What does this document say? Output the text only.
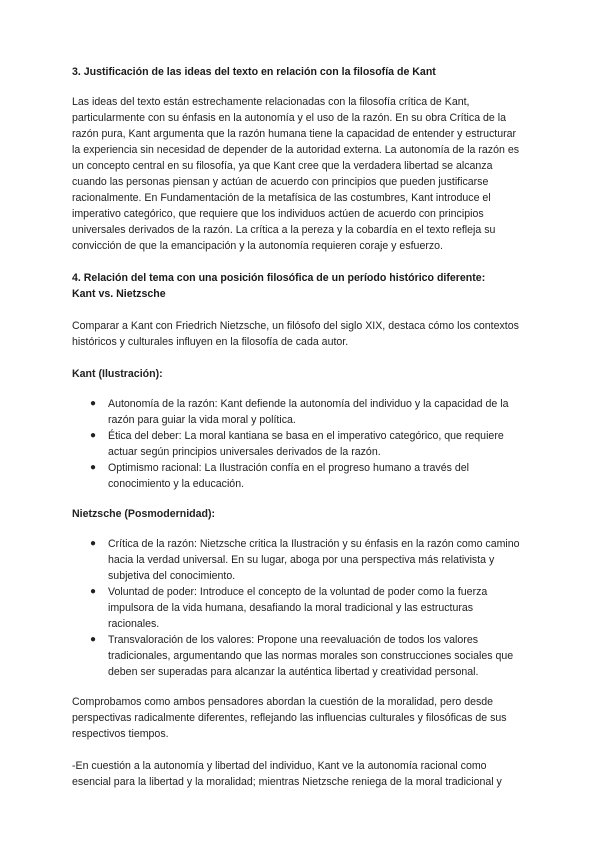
3. Justificación de las ideas del texto en relación con la filosofía de Kant

Las ideas del texto están estrechamente relacionadas con la filosofía crítica de Kant, particularmente con su énfasis en la autonomía y el uso de la razón. En su obra Crítica de la razón pura, Kant argumenta que la razón humana tiene la capacidad de entender y estructurar la experiencia sin necesidad de depender de la autoridad externa. La autonomía de la razón es un concepto central en su filosofía, ya que Kant cree que la verdadera libertad se alcanza cuando las personas piensan y actúan de acuerdo con principios que pueden justificarse racionalmente. En Fundamentación de la metafísica de las costumbres, Kant introduce el imperativo categórico, que requiere que los individuos actúen de acuerdo con principios universales derivados de la razón. La crítica a la pereza y la cobardía en el texto refleja su convicción de que la emancipación y la autonomía requieren coraje y esfuerzo.

4. Relación del tema con una posición filosófica de un período histórico diferente:
Kant vs. Nietzsche

Comparar a Kant con Friedrich Nietzsche, un filósofo del siglo XIX, destaca cómo los contextos históricos y culturales influyen en la filosofía de cada autor.

Kant (Ilustración):

● Autonomía de la razón: Kant defiende la autonomía del individuo y la capacidad de la razón para guiar la vida moral y política.

● Ética del deber: La moral kantiana se basa en el imperativo categórico, que requiere actuar según principios universales derivados de la razón.

● Optimismo racional: La Ilustración confía en el progreso humano a través del conocimiento y la educación.

Nietzsche (Posmodernidad):

● Crítica de la razón: Nietzsche critica la Ilustración y su énfasis en la razón como camino hacia la verdad universal. En su lugar, aboga por una perspectiva más relativista y subjetiva del conocimiento.

● Voluntad de poder: Introduce el concepto de la voluntad de poder como la fuerza impulsora de la vida humana, desafiando la moral tradicional y las estructuras racionales.

● Transvaloración de los valores: Propone una reevaluación de todos los valores tradicionales, argumentando que las normas morales son construcciones sociales que deben ser superadas para alcanzar la auténtica libertad y creatividad personal.

Comprobamos como ambos pensadores abordan la cuestión de la moralidad, pero desde perspectivas radicalmente diferentes, reflejando las influencias culturales y filosóficas de sus respectivos tiempos.

-En cuestión a la autonomía y libertad del individuo, Kant ve la autonomía racional como esencial para la libertad y la moralidad; mientras Nietzsche reniega de la moral tradicional y
